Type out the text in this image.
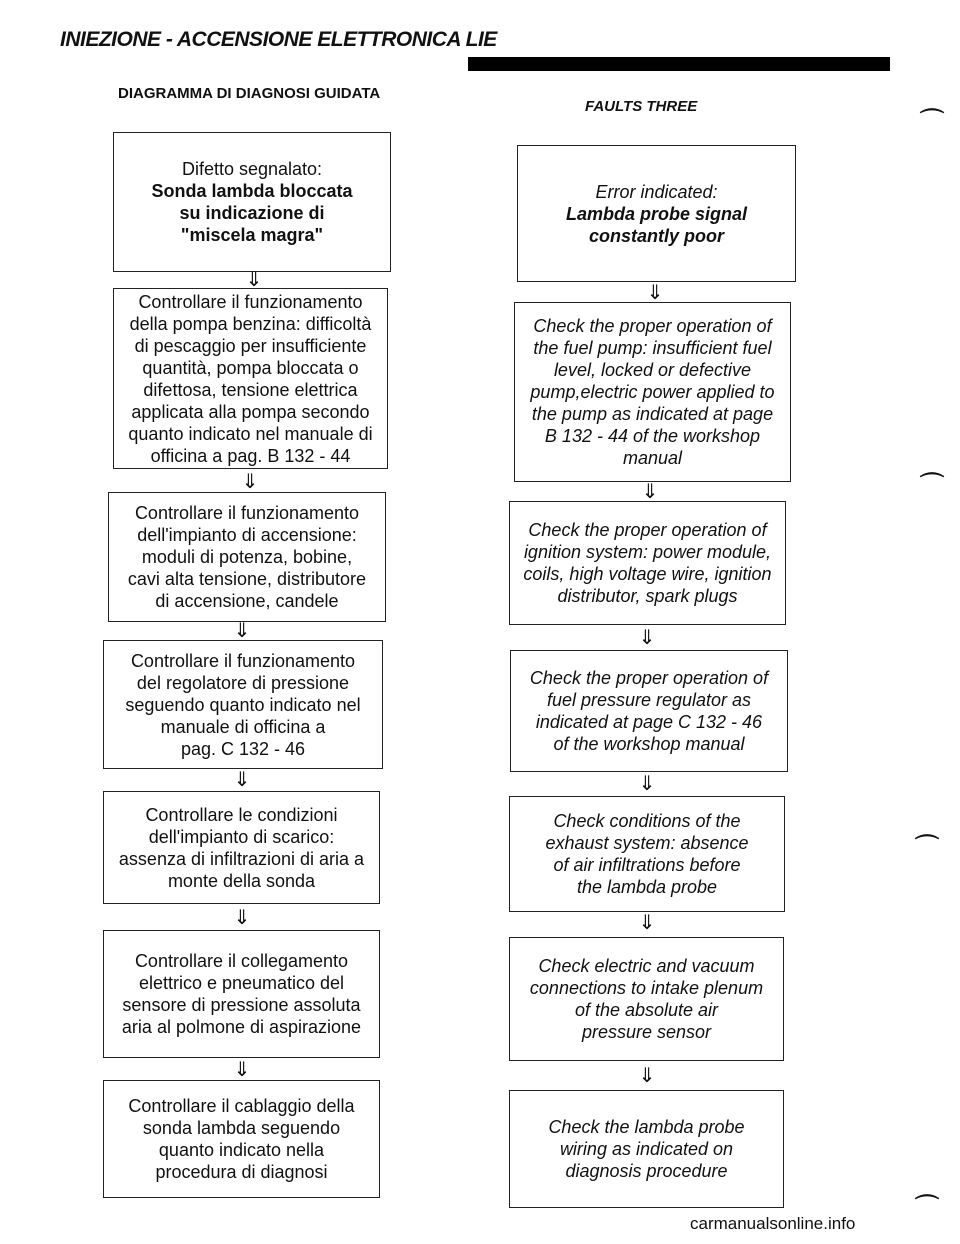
INIEZIONE - ACCENSIONE ELETTRONICA LIE
DIAGRAMMA DI DIAGNOSI GUIDATA
FAULTS THREE
Difetto segnalato:
Sonda lambda bloccata
su indicazione di
"miscela magra"
Controllare il funzionamento
della pompa benzina: difficoltà
di pescaggio per insufficiente
quantità, pompa bloccata o
difettosa, tensione elettrica
applicata alla pompa secondo
quanto indicato nel manuale di
officina a pag. B 132 - 44
Controllare il funzionamento
dell'impianto di accensione:
moduli di potenza, bobine,
cavi alta tensione, distributore
di accensione, candele
Controllare il funzionamento
del regolatore di pressione
seguendo quanto indicato nel
manuale di officina a
pag. C 132 - 46
Controllare le condizioni
dell'impianto di scarico:
assenza di infiltrazioni di aria a
monte della sonda
Controllare il collegamento
elettrico e pneumatico del
sensore di pressione assoluta
aria al polmone di aspirazione
Controllare il cablaggio della
sonda lambda seguendo
quanto indicato nella
procedura di diagnosi
Error indicated:
Lambda probe signal
constantly poor
Check the proper operation of
the fuel pump: insufficient fuel
level, locked or defective
pump,electric power applied to
the pump as indicated at page
B 132 - 44 of the workshop
manual
Check the proper operation of
ignition system: power module,
coils, high voltage wire, ignition
distributor, spark plugs
Check the proper operation of
fuel pressure regulator as
indicated at page C 132 - 46
of the workshop manual
Check conditions of the
exhaust system: absence
of air infiltrations before
the lambda probe
Check electric and vacuum
connections to intake plenum
of the absolute air
pressure sensor
Check the lambda probe
wiring as indicated on
diagnosis procedure
⇓
⇓
⇓
⇓
⇓
⇓
⇓
⇓
⇓
⇓
⇓
⇓
⌒
⌒
⌒
⌒
carmanualsonline.info
